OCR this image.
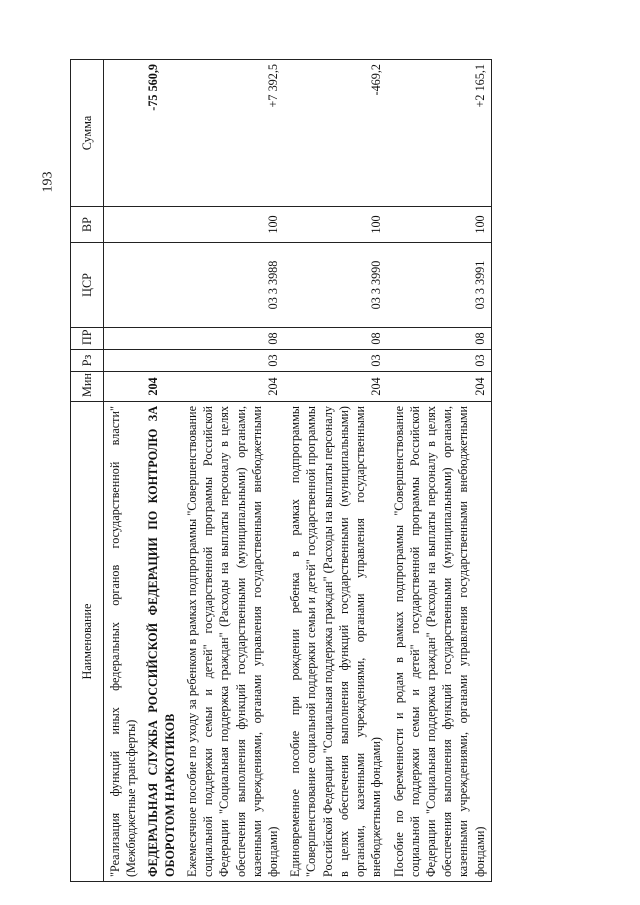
193
Наименование	Мин	Рз	ПР	ЦСР	ВР	Сумма
"Реализация функций иных федеральных органов государственной власти" (Межбюджетные трансферты)						
ФЕДЕРАЛЬНАЯ СЛУЖБА РОССИЙСКОЙ ФЕДЕРАЦИИ ПО КОНТРОЛЮ ЗА ОБОРОТОМ НАРКОТИКОВ	204					-75 560,9
Ежемесячное пособие по уходу за ребенком в рамках подпрограммы "Совершенствование социальной поддержки семьи и детей" государственной программы Российской Федерации "Социальная поддержка граждан" (Расходы на выплаты персоналу в целях обеспечения выполнения функций государственными (муниципальными) органами, казенными учреждениями, органами управления государственными внебюджетными фондами)	204	03	08	03 3 3988	100	+7 392,5
Единовременное пособие при рождении ребенка в рамках подпрограммы "Совершенствование социальной поддержки семьи и детей" государственной программы Российской Федерации "Социальная поддержка граждан" (Расходы на выплаты персоналу в целях обеспечения выполнения функций государственными (муниципальными) органами, казенными учреждениями, органами управления государственными внебюджетными фондами)	204	03	08	03 3 3990	100	-469,2
Пособие по беременности и родам в рамках подпрограммы "Совершенствование социальной поддержки семьи и детей" государственной программы Российской Федерации "Социальная поддержка граждан" (Расходы на выплаты персоналу в целях обеспечения выполнения функций государственными (муниципальными) органами, казенными учреждениями, органами управления государственными внебюджетными фондами)	204	03	08	03 3 3991	100	+2 165,1
